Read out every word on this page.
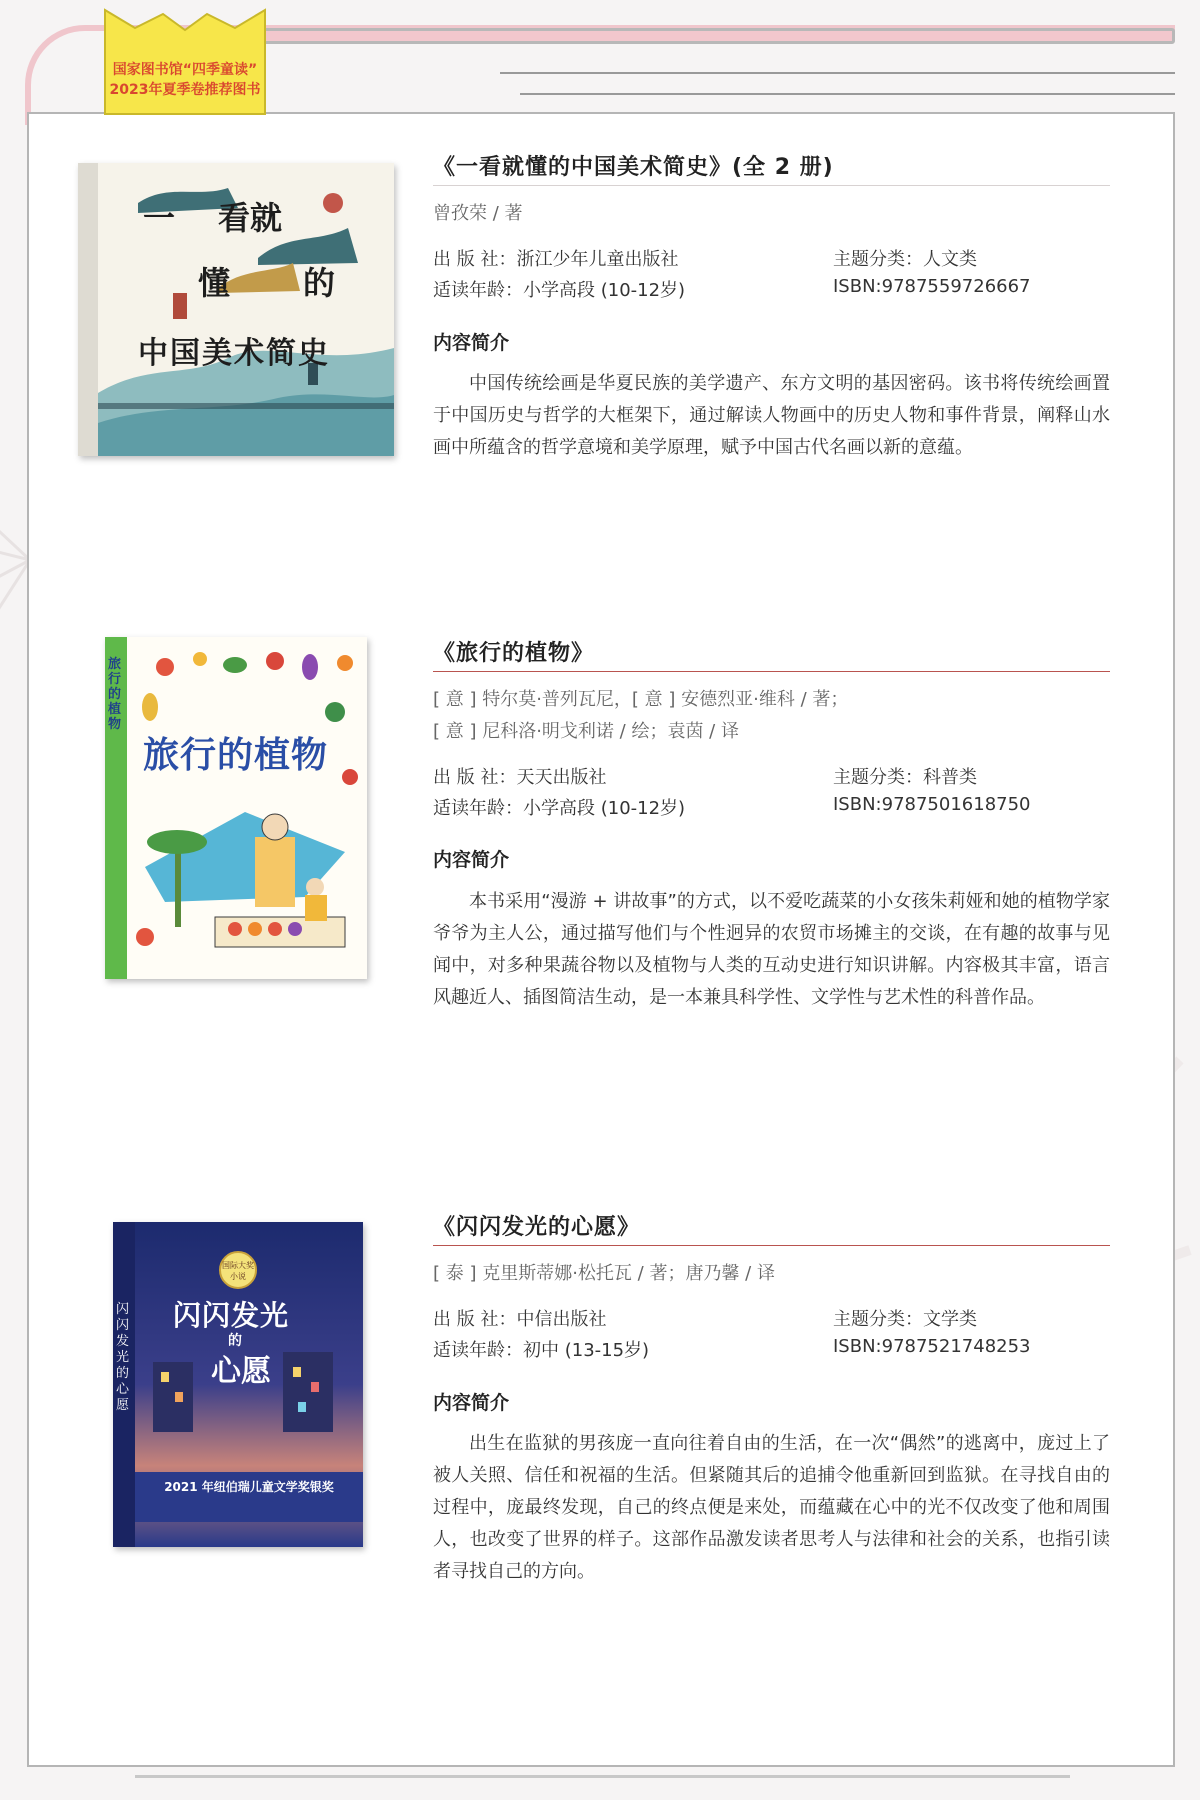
国家图书馆“四季童读”
2023年夏季卷推荐图书
一 看就
懂 的
中国美术简史
《一看就懂的中国美术简史》(全 2 册)
曾孜荣 / 著
出 版 社：浙江少年儿童出版社	主题分类：人文类
适读年龄：小学高段 (10-12岁)	ISBN:9787559726667
内容简介

中国传统绘画是华夏民族的美学遗产、东方文明的基因密码。该书将传统绘画置于中国历史与哲学的大框架下，通过解读人物画中的历史人物和事件背景，阐释山水画中所蕴含的哲学意境和美学原理，赋予中国古代名画以新的意蕴。

旅行的植物
旅行的植物
《旅行的植物》
[ 意 ] 特尔莫·普列瓦尼，[ 意 ] 安德烈亚·维科 / 著；
[ 意 ] 尼科洛·明戈利诺 / 绘；袁茵 / 译
出 版 社：天天出版社	主题分类：科普类
适读年龄：小学高段 (10-12岁)	ISBN:9787501618750
内容简介

本书采用“漫游 + 讲故事”的方式，以不爱吃蔬菜的小女孩朱莉娅和她的植物学家爷爷为主人公，通过描写他们与个性迥异的农贸市场摊主的交谈，在有趣的故事与见闻中，对多种果蔬谷物以及植物与人类的互动史进行知识讲解。内容极其丰富，语言风趣近人、插图简洁生动，是一本兼具科学性、文学性与艺术性的科普作品。

国际大奖
小说
闪闪发光的心愿
闪闪发光
的
心愿
2021 年纽伯瑞儿童文学奖银奖
《闪闪发光的心愿》
[ 泰 ] 克里斯蒂娜·松托瓦 / 著；唐乃馨 / 译
出 版 社：中信出版社	主题分类：文学类
适读年龄：初中 (13-15岁)	ISBN:9787521748253
内容简介

出生在监狱的男孩庞一直向往着自由的生活，在一次“偶然”的逃离中，庞过上了被人关照、信任和祝福的生活。但紧随其后的追捕令他重新回到监狱。在寻找自由的过程中，庞最终发现，自己的终点便是来处，而蕴藏在心中的光不仅改变了他和周围人，也改变了世界的样子。这部作品激发读者思考人与法律和社会的关系，也指引读者寻找自己的方向。
